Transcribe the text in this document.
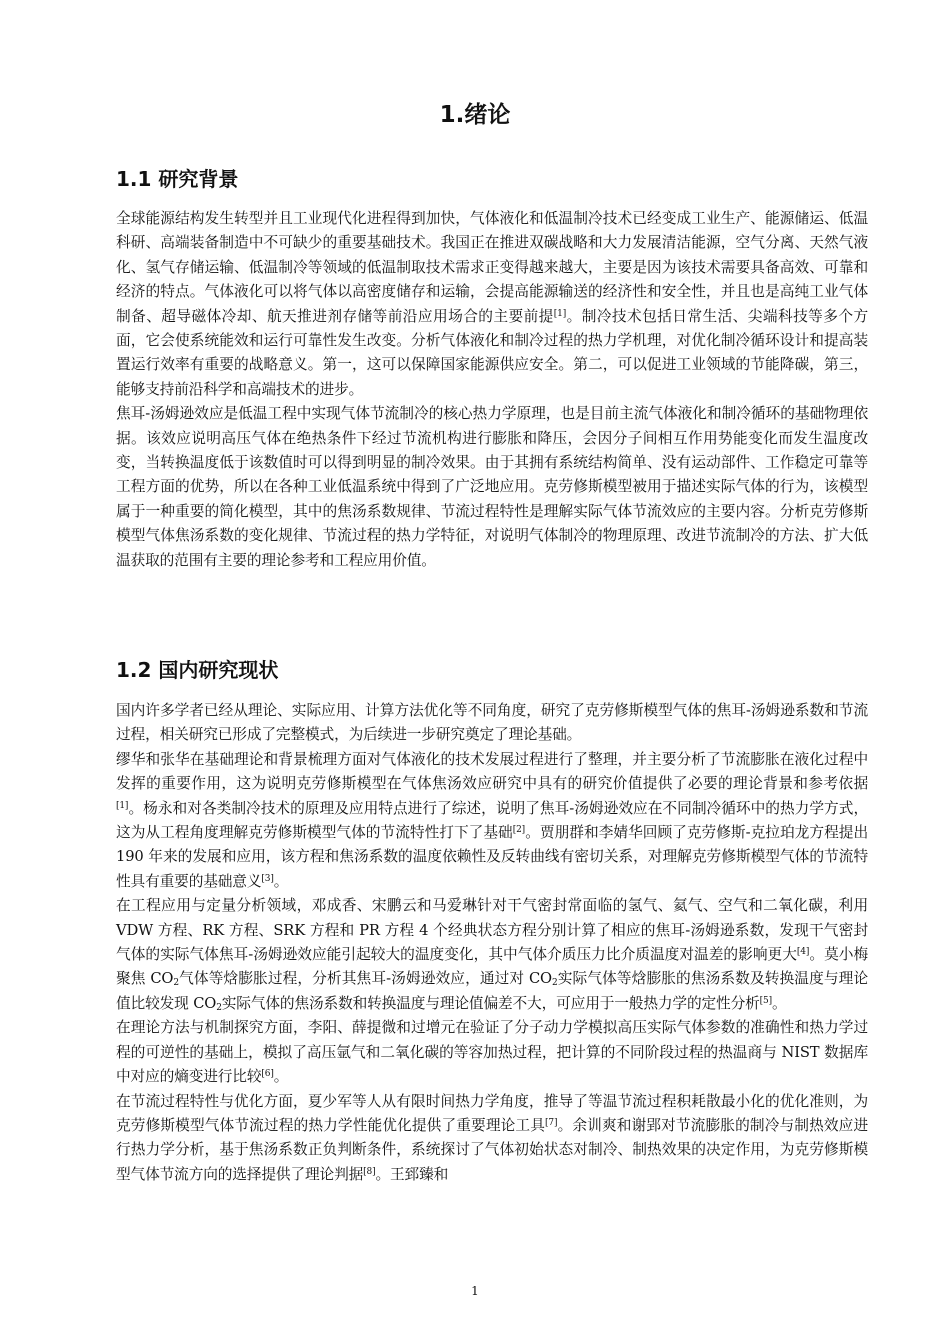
1.绪论
1.1 研究背景

全球能源结构发生转型并且工业现代化进程得到加快，气体液化和低温制冷技术已经变成工业生产、能源储运、低温科研、高端装备制造中不可缺少的重要基础技术。我国正在推进双碳战略和大力发展清洁能源，空气分离、天然气液化、氢气存储运输、低温制冷等领域的低温制取技术需求正变得越来越大，主要是因为该技术需要具备高效、可靠和经济的特点。气体液化可以将气体以高密度储存和运输，会提高能源输送的经济性和安全性，并且也是高纯工业气体制备、超导磁体冷却、航天推进剂存储等前沿应用场合的主要前提[1]。制冷技术包括日常生活、尖端科技等多个方面，它会使系统能效和运行可靠性发生改变。分析气体液化和制冷过程的热力学机理，对优化制冷循环设计和提高装置运行效率有重要的战略意义。第一，这可以保障国家能源供应安全。第二，可以促进工业领域的节能降碳，第三，能够支持前沿科学和高端技术的进步。

焦耳-汤姆逊效应是低温工程中实现气体节流制冷的核心热力学原理，也是目前主流气体液化和制冷循环的基础物理依据。该效应说明高压气体在绝热条件下经过节流机构进行膨胀和降压，会因分子间相互作用势能变化而发生温度改变，当转换温度低于该数值时可以得到明显的制冷效果。由于其拥有系统结构简单、没有运动部件、工作稳定可靠等工程方面的优势，所以在各种工业低温系统中得到了广泛地应用。克劳修斯模型被用于描述实际气体的行为，该模型属于一种重要的简化模型，其中的焦汤系数规律、节流过程特性是理解实际气体节流效应的主要内容。分析克劳修斯模型气体焦汤系数的变化规律、节流过程的热力学特征，对说明气体制冷的物理原理、改进节流制冷的方法、扩大低温获取的范围有主要的理论参考和工程应用价值。

1.2 国内研究现状

国内许多学者已经从理论、实际应用、计算方法优化等不同角度，研究了克劳修斯模型气体的焦耳-汤姆逊系数和节流过程，相关研究已形成了完整模式，为后续进一步研究奠定了理论基础。

缪华和张华在基础理论和背景梳理方面对气体液化的技术发展过程进行了整理，并主要分析了节流膨胀在液化过程中发挥的重要作用，这为说明克劳修斯模型在气体焦汤效应研究中具有的研究价值提供了必要的理论背景和参考依据[1]。杨永和对各类制冷技术的原理及应用特点进行了综述，说明了焦耳-汤姆逊效应在不同制冷循环中的热力学方式，这为从工程角度理解克劳修斯模型气体的节流特性打下了基础[2]。贾朋群和李婧华回顾了克劳修斯-克拉珀龙方程提出 190 年来的发展和应用，该方程和焦汤系数的温度依赖性及反转曲线有密切关系，对理解克劳修斯模型气体的节流特性具有重要的基础意义[3]。

在工程应用与定量分析领域，邓成香、宋鹏云和马爱琳针对干气密封常面临的氢气、氦气、空气和二氧化碳，利用 VDW 方程、RK 方程、SRK 方程和 PR 方程 4 个经典状态方程分别计算了相应的焦耳-汤姆逊系数，发现干气密封气体的实际气体焦耳-汤姆逊效应能引起较大的温度变化，其中气体介质压力比介质温度对温差的影响更大[4]。莫小梅聚焦 $CO_2$气体等焓膨胀过程，分析其焦耳-汤姆逊效应，通过对 $CO_2$实际气体等焓膨胀的焦汤系数及转换温度与理论值比较发现 $CO_2$实际气体的焦汤系数和转换温度与理论值偏差不大，可应用于一般热力学的定性分析[5]。

在理论方法与机制探究方面，李阳、薛提微和过增元在验证了分子动力学模拟高压实际气体参数的准确性和热力学过程的可逆性的基础上，模拟了高压氩气和二氧化碳的等容加热过程，把计算的不同阶段过程的热温商与 NIST 数据库中对应的熵变进行比较[6]。

在节流过程特性与优化方面，夏少军等人从有限时间热力学角度，推导了等温节流过程积耗散最小化的优化准则，为克劳修斯模型气体节流过程的热力学性能优化提供了重要理论工具[7]。余训爽和谢郢对节流膨胀的制冷与制热效应进行热力学分析，基于焦汤系数正负判断条件，系统探讨了气体初始状态对制冷、制热效果的决定作用，为克劳修斯模型气体节流方向的选择提供了理论判据[8]。王郅臻和

1
